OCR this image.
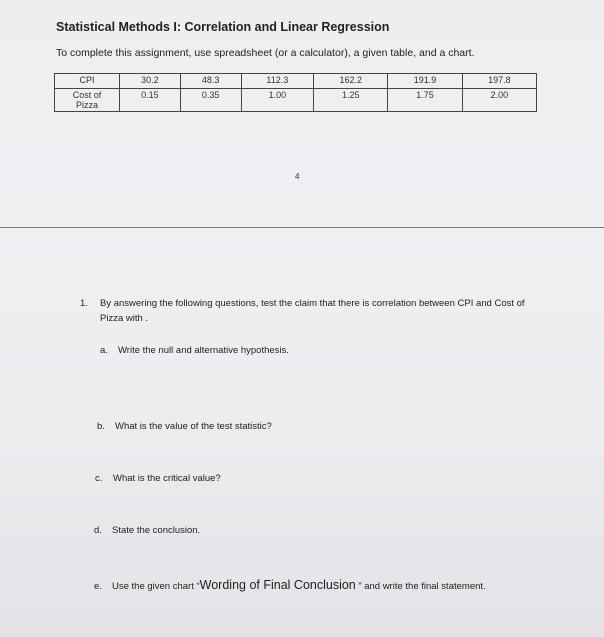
Statistical Methods I: Correlation and Linear Regression
To complete this assignment, use spreadsheet (or a calculator), a given table, and a chart.
CPI	30.2	48.3	112.3	162.2	191.9	197.8
Cost of
Pizza	0.15	0.35	1.00	1.25	1.75	2.00
4
1. By answering the following questions, test the claim that there is correlation between CPI and Cost of Pizza with .
a. Write the null and alternative hypothesis.
b. What is the value of the test statistic?
c. What is the critical value?
d. State the conclusion.
e. Use the given chart “Wording of Final Conclusion ” and write the final statement.
